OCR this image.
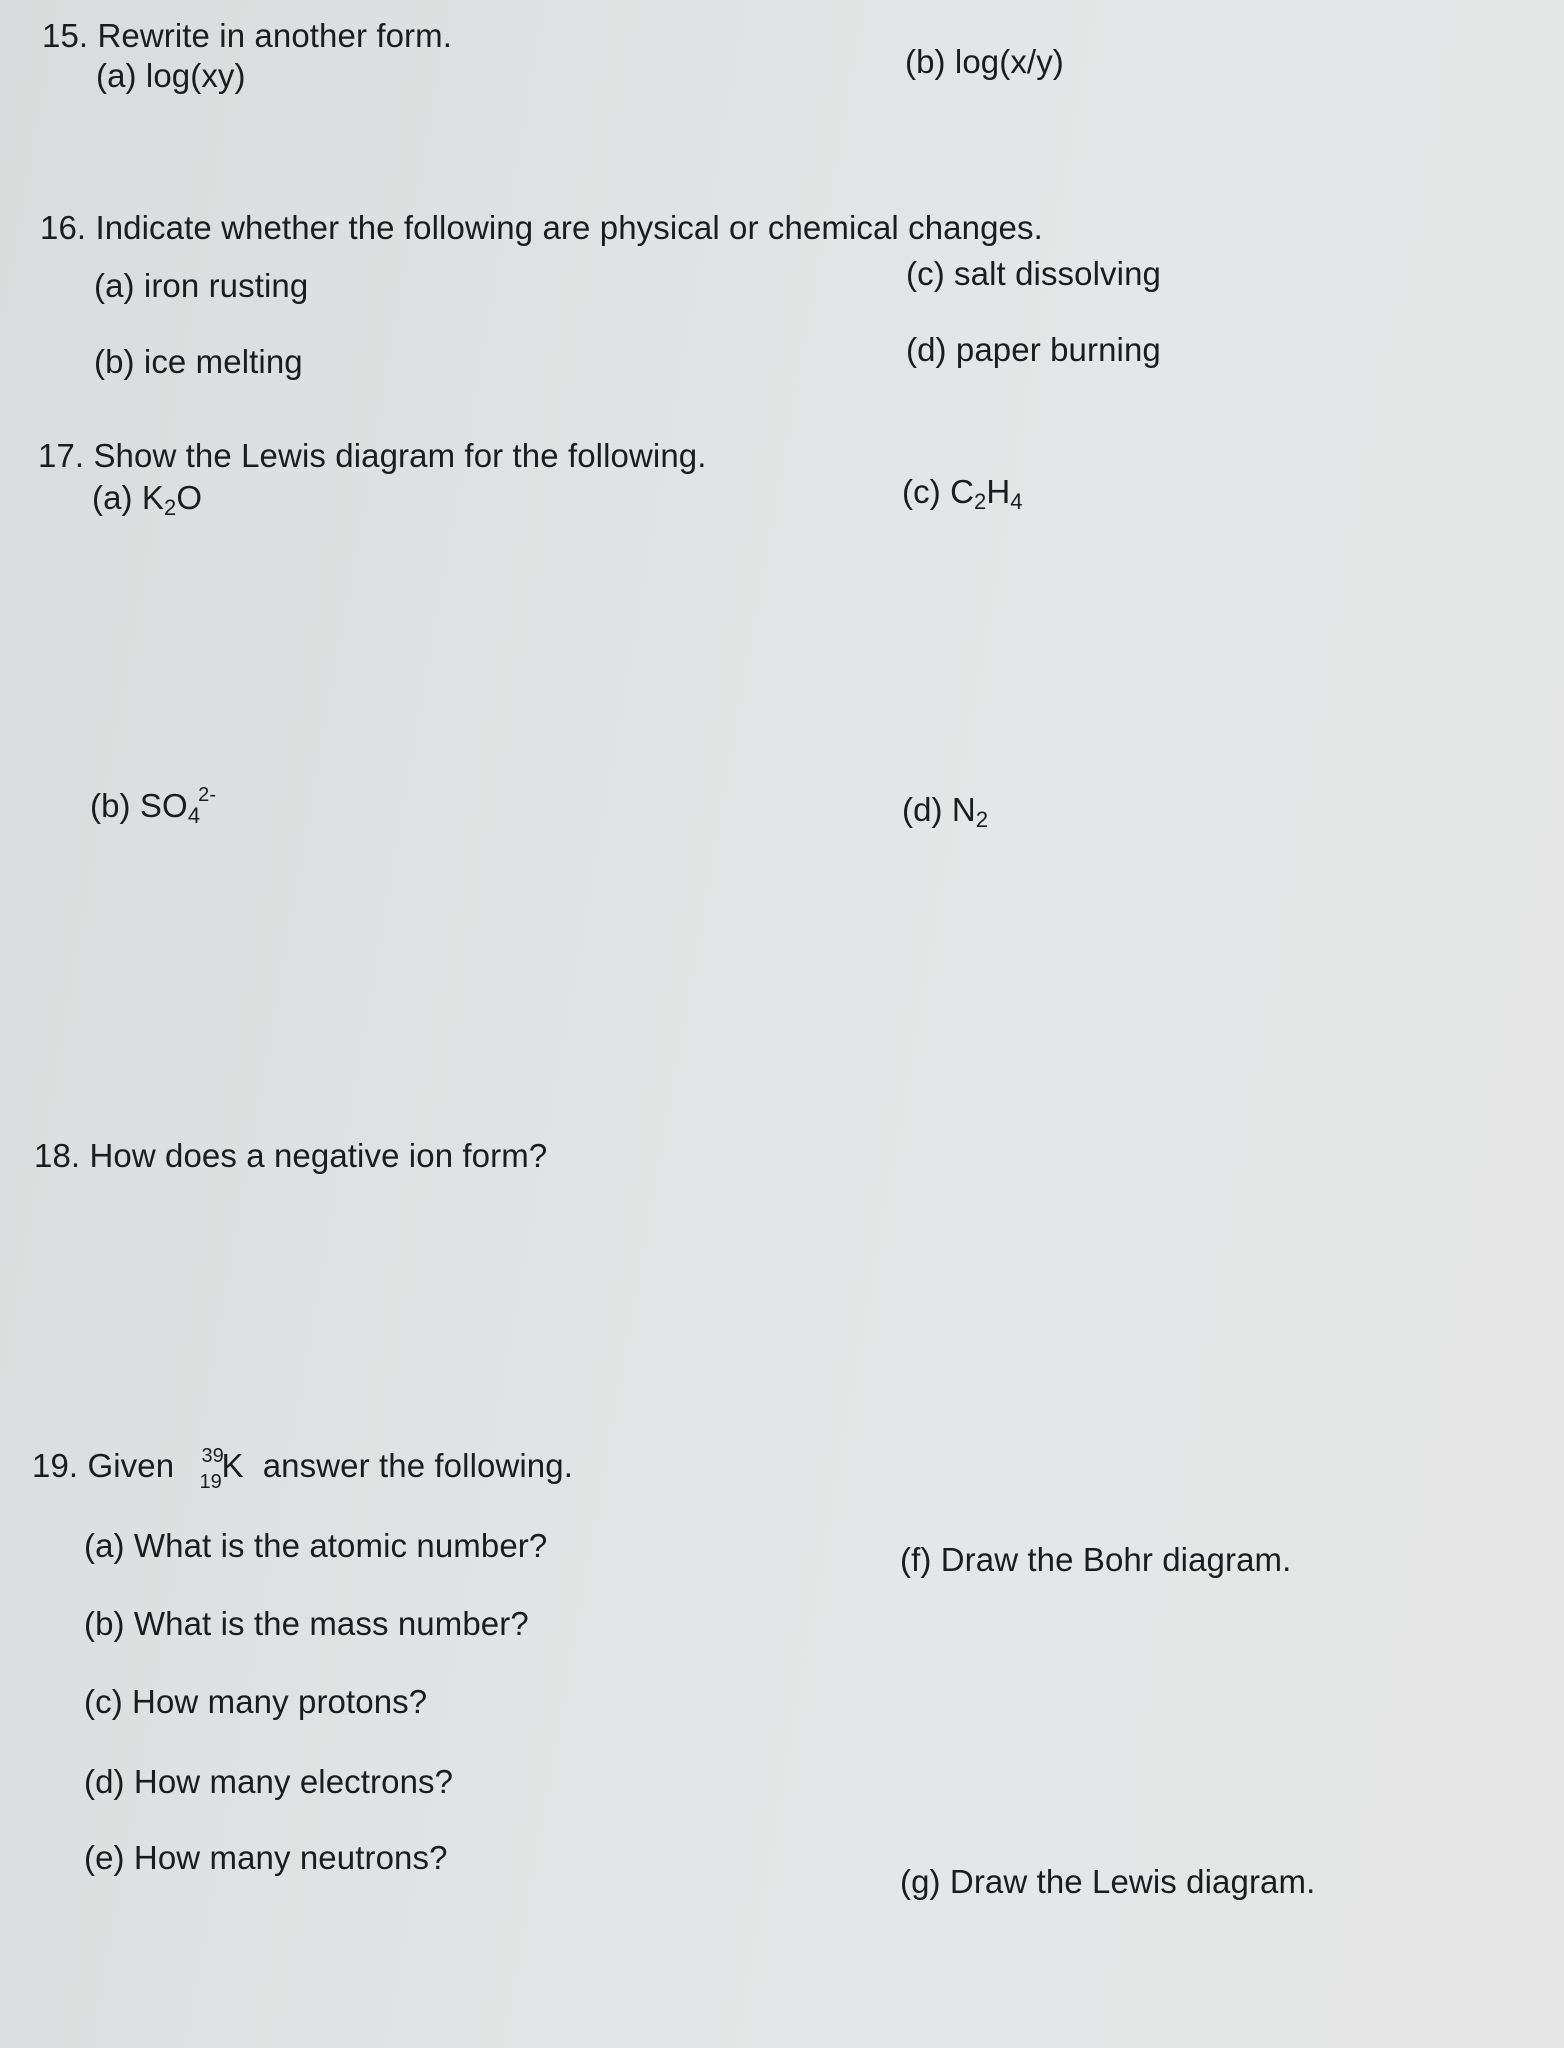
15. Rewrite in another form.
(a) log(xy)	(b) log(x/y)
16. Indicate whether the following are physical or chemical changes.
(a) iron rusting
(b) ice melting
(c) salt dissolving
(d) paper burning
17. Show the Lewis diagram for the following.
(a) $K_2O$
(b) $SO_4^{2-}$
(c) $C_2H_4$
(d) $N_2$
18. How does a negative ion form?
19. Given 39
19 K answer the following.
(a) What is the atomic number?
(b) What is the mass number?
(c) How many protons?
(d) How many electrons?
(e) How many neutrons?
(f) Draw the Bohr diagram.
(g) Draw the Lewis diagram.
